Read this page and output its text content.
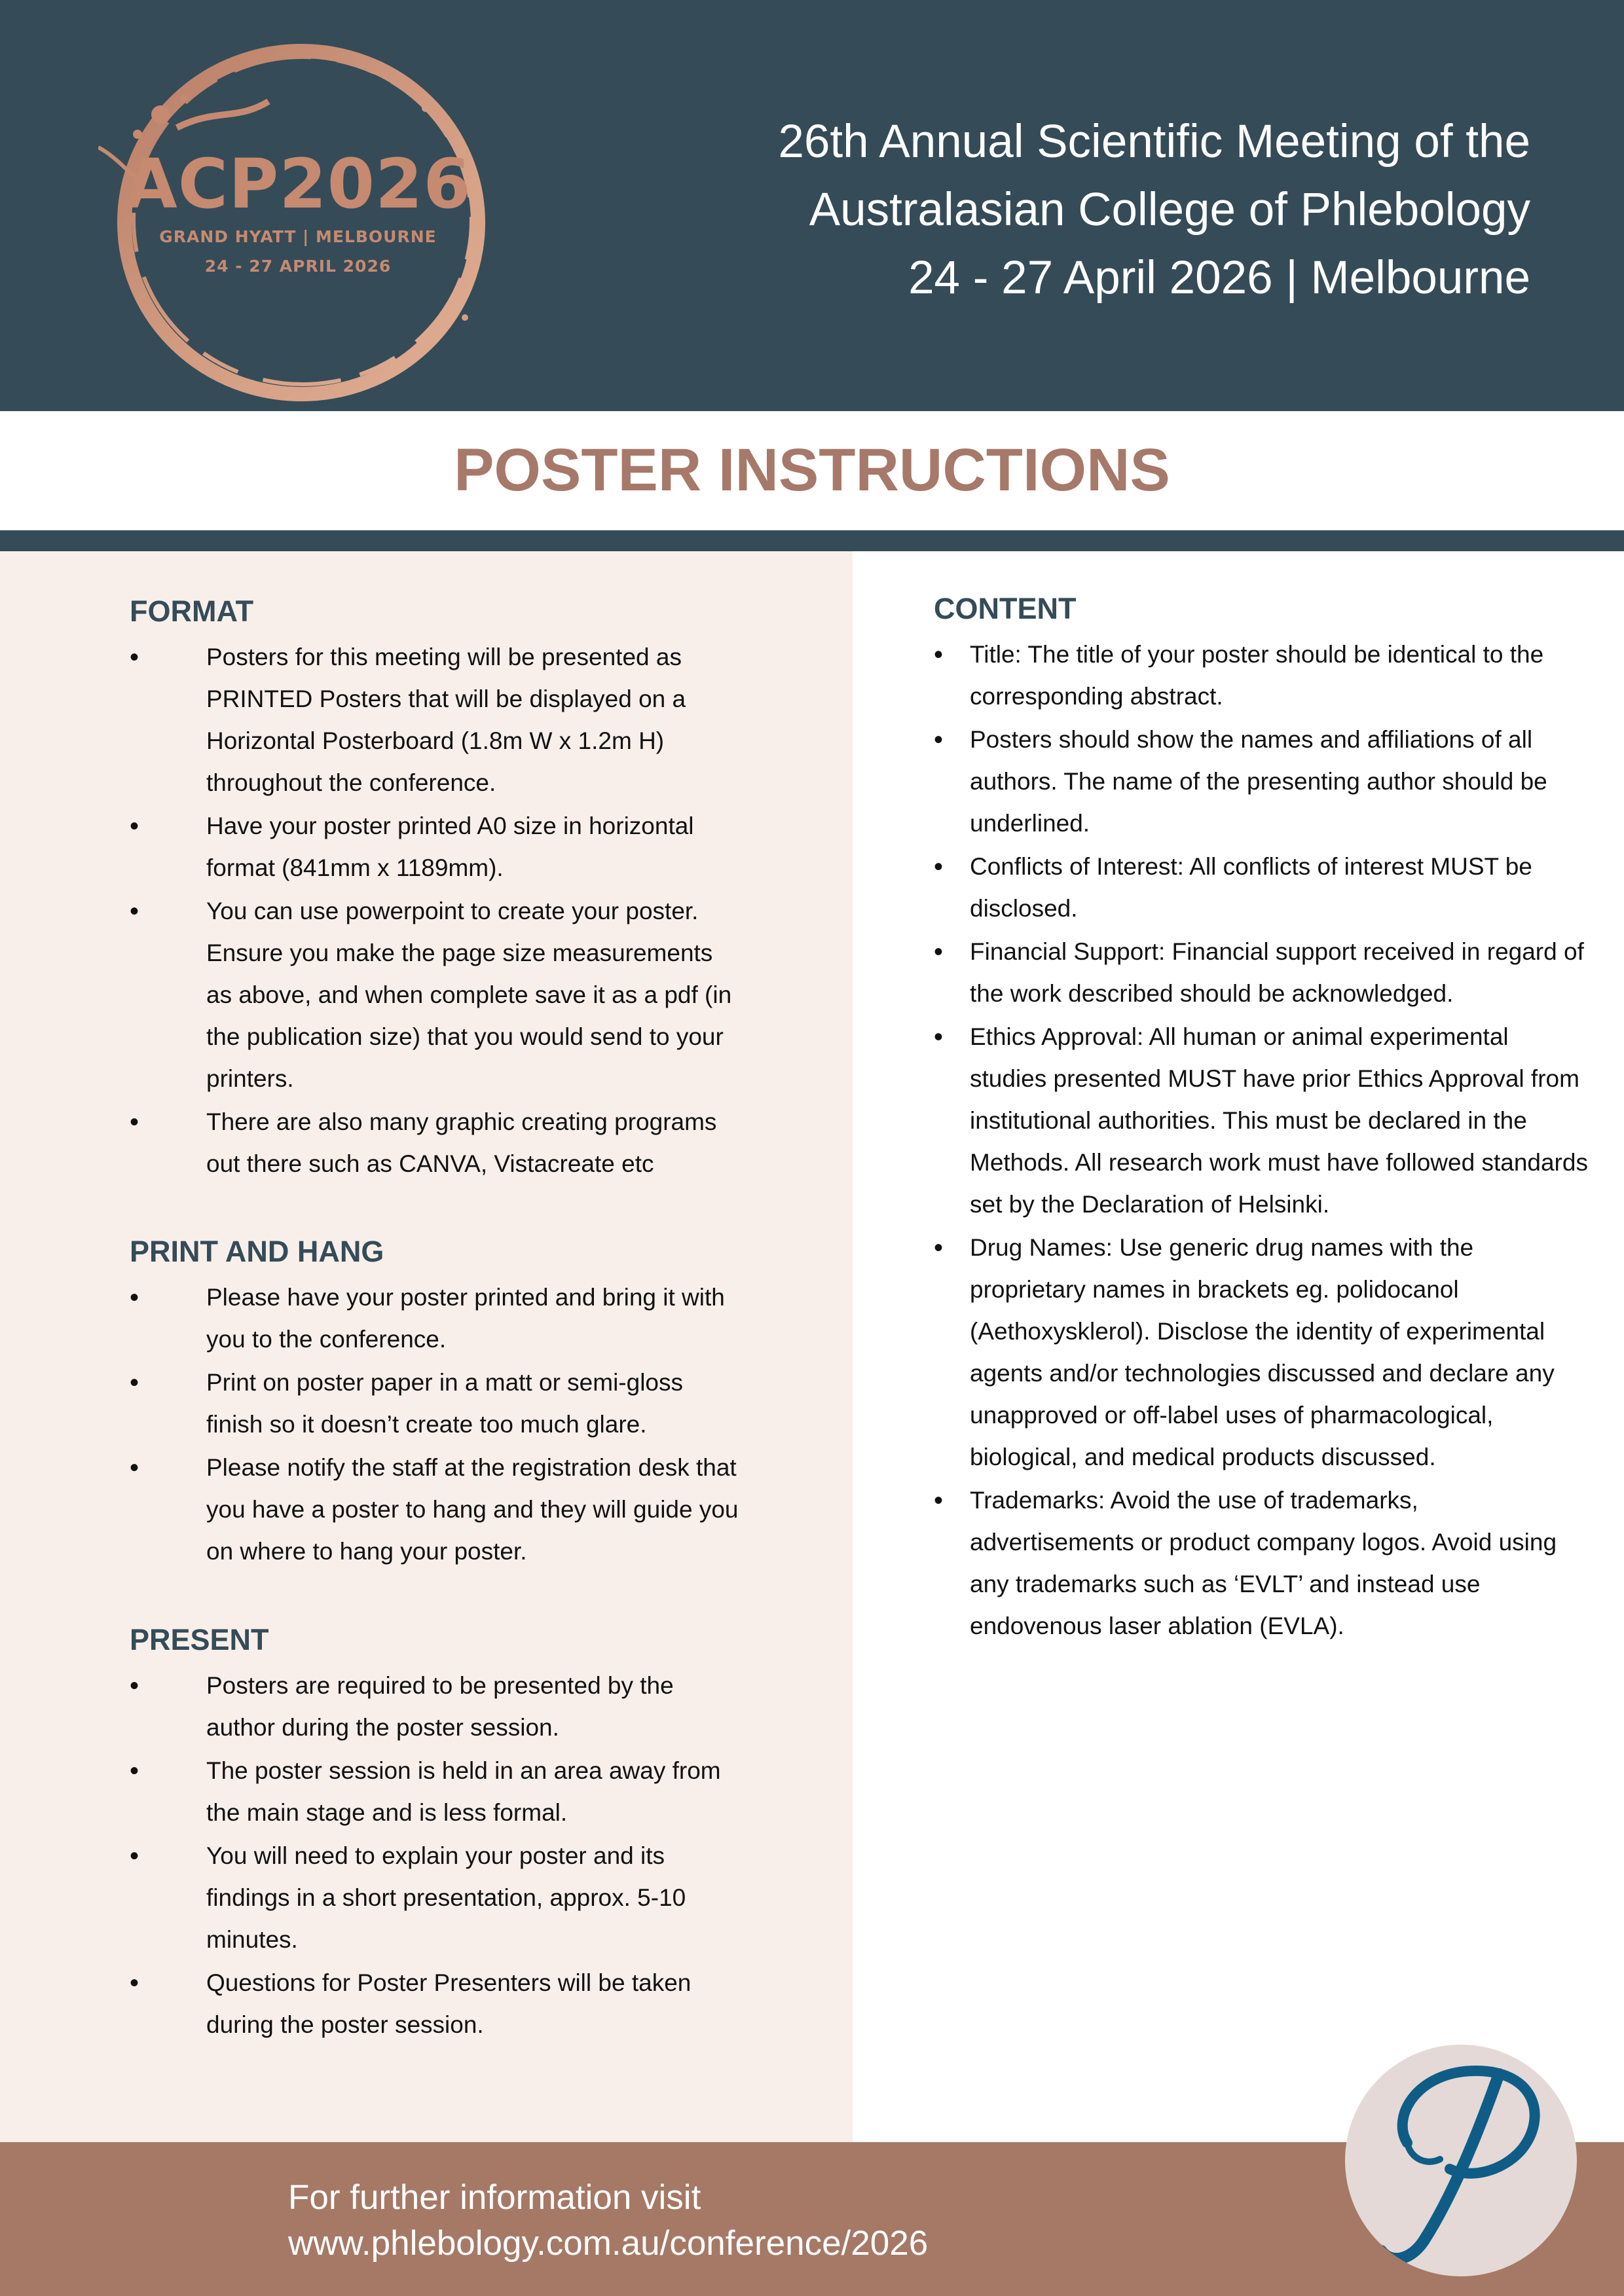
ACP2026
GRAND HYATT | MELBOURNE
24 - 27 APRIL 2026
26th Annual Scientific Meeting of the
Australasian College of Phlebology
24 - 27 April 2026 | Melbourne
POSTER INSTRUCTIONS
FORMAT
•	Posters for this meeting will be presented as PRINTED Posters that will be displayed on a Horizontal Posterboard (1.8m W x 1.2m H) throughout the conference.
•	Have your poster printed A0 size in horizontal format (841mm x 1189mm).
•	You can use powerpoint to create your poster. Ensure you make the page size measurements as above, and when complete save it as a pdf (in the publication size) that you would send to your printers.
•	There are also many graphic creating programs out there such as CANVA, Vistacreate etc
PRINT AND HANG
•	Please have your poster printed and bring it with you to the conference.
•	Print on poster paper in a matt or semi-gloss finish so it doesn’t create too much glare.
•	Please notify the staff at the registration desk that you have a poster to hang and they will guide you on where to hang your poster.
PRESENT
•	Posters are required to be presented by the author during the poster session.
•	The poster session is held in an area away from the main stage and is less formal.
•	You will need to explain your poster and its findings in a short presentation, approx. 5-10 minutes.
•	Questions for Poster Presenters will be taken during the poster session.
CONTENT
• Title: The title of your poster should be identical to the corresponding abstract.
• Posters should show the names and affiliations of all authors. The name of the presenting author should be underlined.
• Conflicts of Interest: All conflicts of interest MUST be disclosed.
• Financial Support: Financial support received in regard of the work described should be acknowledged.
• Ethics Approval: All human or animal experimental studies presented MUST have prior Ethics Approval from institutional authorities. This must be declared in the Methods. All research work must have followed standards set by the Declaration of Helsinki.
• Drug Names: Use generic drug names with the proprietary names in brackets eg. polidocanol (Aethoxysklerol). Disclose the identity of experimental agents and/or technologies discussed and declare any unapproved or off-label uses of pharmacological, biological, and medical products discussed.
• Trademarks: Avoid the use of trademarks, advertisements or product company logos. Avoid using any trademarks such as ‘EVLT’ and instead use endovenous laser ablation (EVLA).
For further information visit
www.phlebology.com.au/conference/2026
